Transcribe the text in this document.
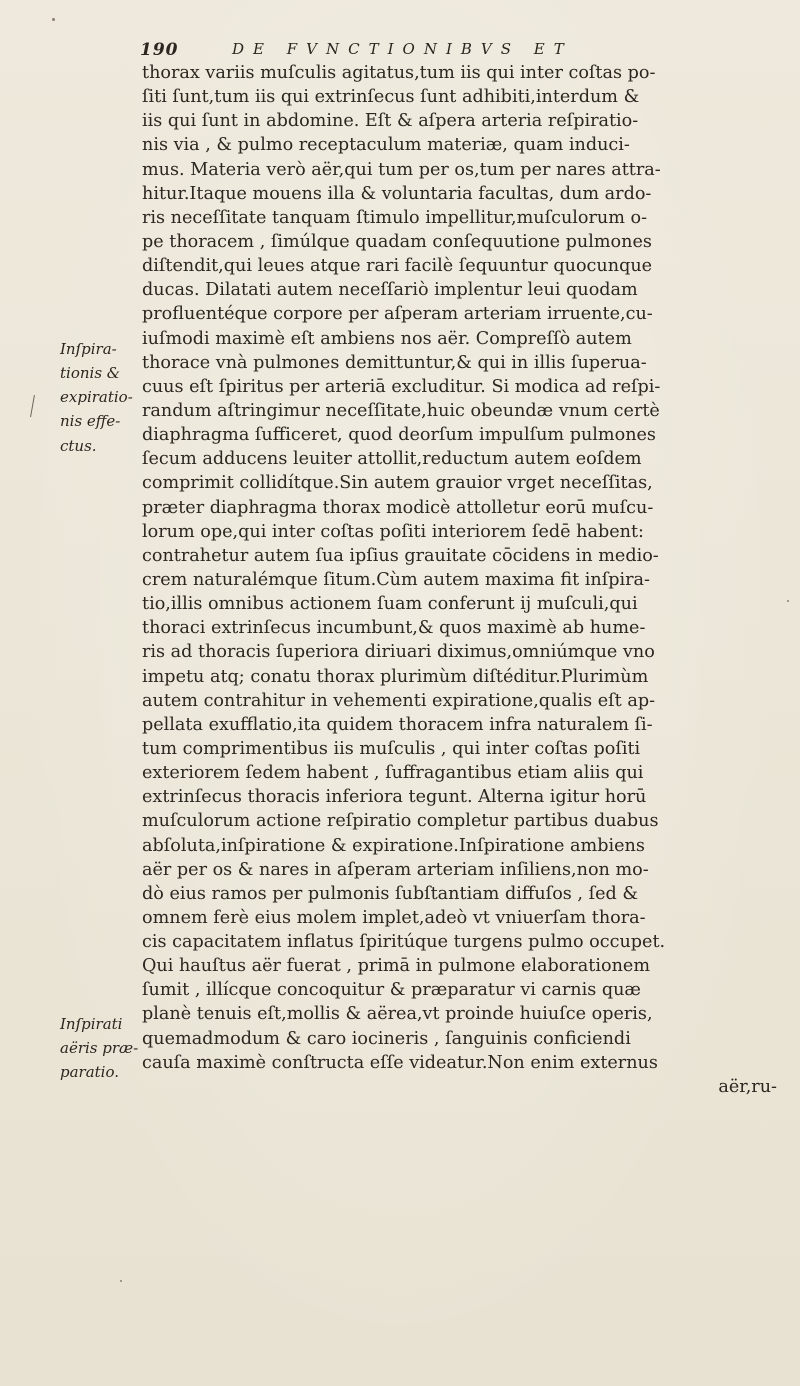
190	DE FVNCTIONIBVS ET
thorax variis muſculis agitatus,tum iis qui inter coſtas po-
ſiti ſunt,tum iis qui extrinſecus ſunt adhibiti,interdum &
iis qui ſunt in abdomine. Eſt & aſpera arteria reſpiratio-
nis via , & pulmo receptaculum materiæ, quam induci-
mus. Materia verò aër,qui tum per os,tum per nares attra-
hitur.Itaque mouens illa & voluntaria facultas, dum ardo-
ris neceſſitate tanquam ſtimulo impellitur,muſculorum o-
pe thoracem , ſimúlque quadam conſequutione pulmones
diſtendit,qui leues atque rari facilè ſequuntur quocunque
ducas. Dilatati autem neceſſariò implentur leui quodam
profluentéque corpore per aſperam arteriam irruente,cu-
iuſmodi maximè eſt ambiens nos aër. Compreſſò autem
thorace vnà pulmones demittuntur,& qui in illis ſuperua-
cuus eſt ſpiritus per arteriā excluditur. Si modica ad reſpi-
randum aſtringimur neceſſitate,huic obeundæ vnum certè
diaphragma ſufficeret, quod deorſum impulſum pulmones
ſecum adducens leuiter attollit,reductum autem eoſdem
comprimit collidítque.Sin autem grauior vrget neceſſitas,
præter diaphragma thorax modicè attolletur eorū muſcu-
lorum ope,qui inter coſtas poſiti interiorem ſedē habent:
contrahetur autem ſua ipſius grauitate cōcidens in medio-
crem naturalémque ſitum.Cùm autem maxima fit inſpira-
tio,illis omnibus actionem ſuam conferunt ij muſculi,qui
thoraci extrinſecus incumbunt,& quos maximè ab hume-
ris ad thoracis ſuperiora diriuari diximus,omniúmque vno
impetu atq; conatu thorax plurimùm diſtéditur.Plurimùm
autem contrahitur in vehementi expiratione,qualis eſt ap-
pellata exufflatio,ita quidem thoracem infra naturalem ſi-
tum comprimentibus iis muſculis , qui inter coſtas poſiti
exteriorem ſedem habent , ſuffragantibus etiam aliis qui
extrinſecus thoracis inferiora tegunt. Alterna igitur horū
muſculorum actione reſpiratio completur partibus duabus
abſoluta,inſpiratione & expiratione.Inſpiratione ambiens
aër per os & nares in aſperam arteriam inſiliens,non mo-
dò eius ramos per pulmonis ſubſtantiam diffuſos , ſed &
omnem ferè eius molem implet,adeò vt vniuerſam thora-
cis capacitatem inflatus ſpiritúque turgens pulmo occupet.
Qui hauſtus aër fuerat , primā in pulmone elaborationem
ſumit , illícque concoquitur & præparatur vi carnis quæ
planè tenuis eſt,mollis & aërea,vt proinde huiuſce operis,
quemadmodum & caro iocineris , ſanguinis conficiendi
cauſa maximè conſtructa eſſe videatur.Non enim externus
aër,ru-
Inſpira-
tionis &
expiratio-
nis effe-
ctus.
Inſpirati
aëris præ-
paratio.
